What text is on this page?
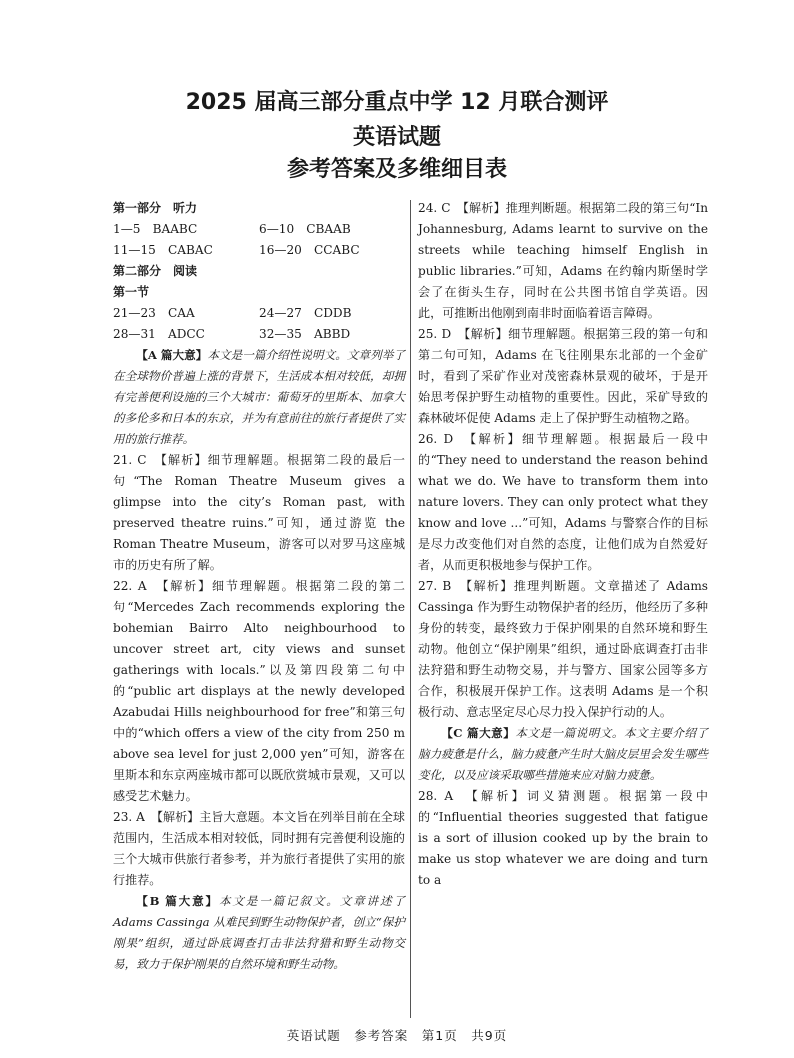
2025 届高三部分重点中学 12 月联合测评
英语试题
参考答案及多维细目表
第一部分　听力
1—5　BAABC	6—10　CBAAB
11—15　CABAC	16—20　CCABC
第二部分　阅读
第一节
21—23　CAA	24—27　CDDB
28—31　ADCC	32—35　ABBD

【A 篇大意】本文是一篇介绍性说明文。文章列举了在全球物价普遍上涨的背景下，生活成本相对较低，却拥有完善便利设施的三个大城市：葡萄牙的里斯本、加拿大的多伦多和日本的东京，并为有意前往的旅行者提供了实用的旅行推荐。

21. C　【解析】细节理解题。根据第二段的最后一句“The Roman Theatre Museum gives a glimpse into the city’s Roman past, with preserved theatre ruins.”可知，通过游览 the Roman Theatre Museum，游客可以对罗马这座城市的历史有所了解。

22. A　【解析】细节理解题。根据第二段的第二句“Mercedes Zach recommends exploring the bohemian Bairro Alto neighbourhood to uncover street art, city views and sunset gatherings with locals.”以及第四段第二句中的“public art displays at the newly developed Azabudai Hills neighbourhood for free”和第三句中的“which offers a view of the city from 250 m above sea level for just 2,000 yen”可知，游客在里斯本和东京两座城市都可以既欣赏城市景观，又可以感受艺术魅力。

23. A　【解析】主旨大意题。本文旨在列举目前在全球范围内，生活成本相对较低，同时拥有完善便利设施的三个大城市供旅行者参考，并为旅行者提供了实用的旅行推荐。

【B 篇大意】本文是一篇记叙文。文章讲述了 Adams Cassinga 从难民到野生动物保护者，创立“保护刚果”组织，通过卧底调查打击非法狩猎和野生动物交易，致力于保护刚果的自然环境和野生动物。

24. C　【解析】推理判断题。根据第二段的第三句“In Johannesburg, Adams learnt to survive on the streets while teaching himself English in public libraries.”可知，Adams 在约翰内斯堡时学会了在街头生存，同时在公共图书馆自学英语。因此，可推断出他刚到南非时面临着语言障碍。

25. D　【解析】细节理解题。根据第三段的第一句和第二句可知，Adams 在飞往刚果东北部的一个金矿时，看到了采矿作业对茂密森林景观的破坏，于是开始思考保护野生动植物的重要性。因此，采矿导致的森林破坏促使 Adams 走上了保护野生动植物之路。

26. D　【解析】细节理解题。根据最后一段中的“They need to understand the reason behind what we do. We have to transform them into nature lovers. They can only protect what they know and love ...”可知，Adams 与警察合作的目标是尽力改变他们对自然的态度，让他们成为自然爱好者，从而更积极地参与保护工作。

27. B　【解析】推理判断题。文章描述了 Adams Cassinga 作为野生动物保护者的经历，他经历了多种身份的转变，最终致力于保护刚果的自然环境和野生动物。他创立“保护刚果”组织，通过卧底调查打击非法狩猎和野生动物交易，并与警方、国家公园等多方合作，积极展开保护工作。这表明 Adams 是一个积极行动、意志坚定尽心尽力投入保护行动的人。

【C 篇大意】本文是一篇说明文。本文主要介绍了脑力疲惫是什么，脑力疲惫产生时大脑皮层里会发生哪些变化，以及应该采取哪些措施来应对脑力疲惫。

28. A　【解析】词义猜测题。根据第一段中的“Influential theories suggested that fatigue is a sort of illusion cooked up by the brain to make us stop whatever we are doing and turn to a

英语试题　参考答案　第1页　共9页
